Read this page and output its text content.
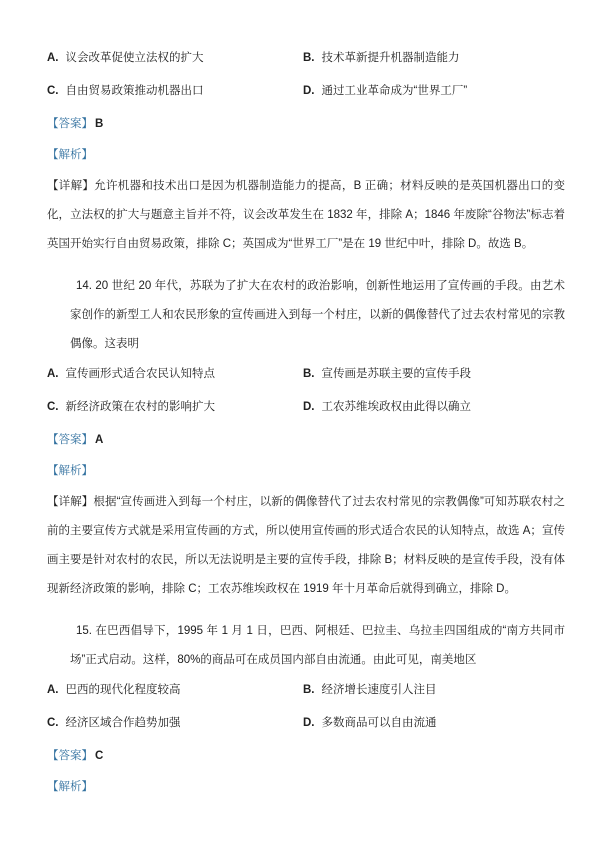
A. 议会改革促使立法权的扩大	B. 技术革新提升机器制造能力
C. 自由贸易政策推动机器出口	D. 通过工业革命成为“世界工厂”

【答案】 B

【解析】

【详解】允许机器和技术出口是因为机器制造能力的提高，B 正确；材料反映的是英国机器出口的变化，立法权的扩大与题意主旨并不符，议会改革发生在 1832 年，排除 A；1846 年废除“谷物法”标志着英国开始实行自由贸易政策，排除 C；英国成为“世界工厂”是在 19 世纪中叶，排除 D。故选 B。

14. 20 世纪 20 年代，苏联为了扩大在农村的政治影响，创新性地运用了宣传画的手段。由艺术家创作的新型工人和农民形象的宣传画进入到每一个村庄，以新的偶像替代了过去农村常见的宗教偶像。这表明

A. 宣传画形式适合农民认知特点	B. 宣传画是苏联主要的宣传手段
C. 新经济政策在农村的影响扩大	D. 工农苏维埃政权由此得以确立

【答案】 A

【解析】

【详解】根据“宣传画进入到每一个村庄，以新的偶像替代了过去农村常见的宗教偶像”可知苏联农村之前的主要宣传方式就是采用宣传画的方式，所以使用宣传画的形式适合农民的认知特点，故选 A；宣传画主要是针对农村的农民，所以无法说明是主要的宣传手段，排除 B；材料反映的是宣传手段，没有体现新经济政策的影响，排除 C；工农苏维埃政权在 1919 年十月革命后就得到确立，排除 D。

15. 在巴西倡导下，1995 年 1 月 1 日，巴西、阿根廷、巴拉圭、乌拉圭四国组成的“南方共同市场”正式启动。这样，80%的商品可在成员国内部自由流通。由此可见，南美地区

A. 巴西的现代化程度较高	B. 经济增长速度引人注目
C. 经济区域合作趋势加强	D. 多数商品可以自由流通

【答案】 C

【解析】
